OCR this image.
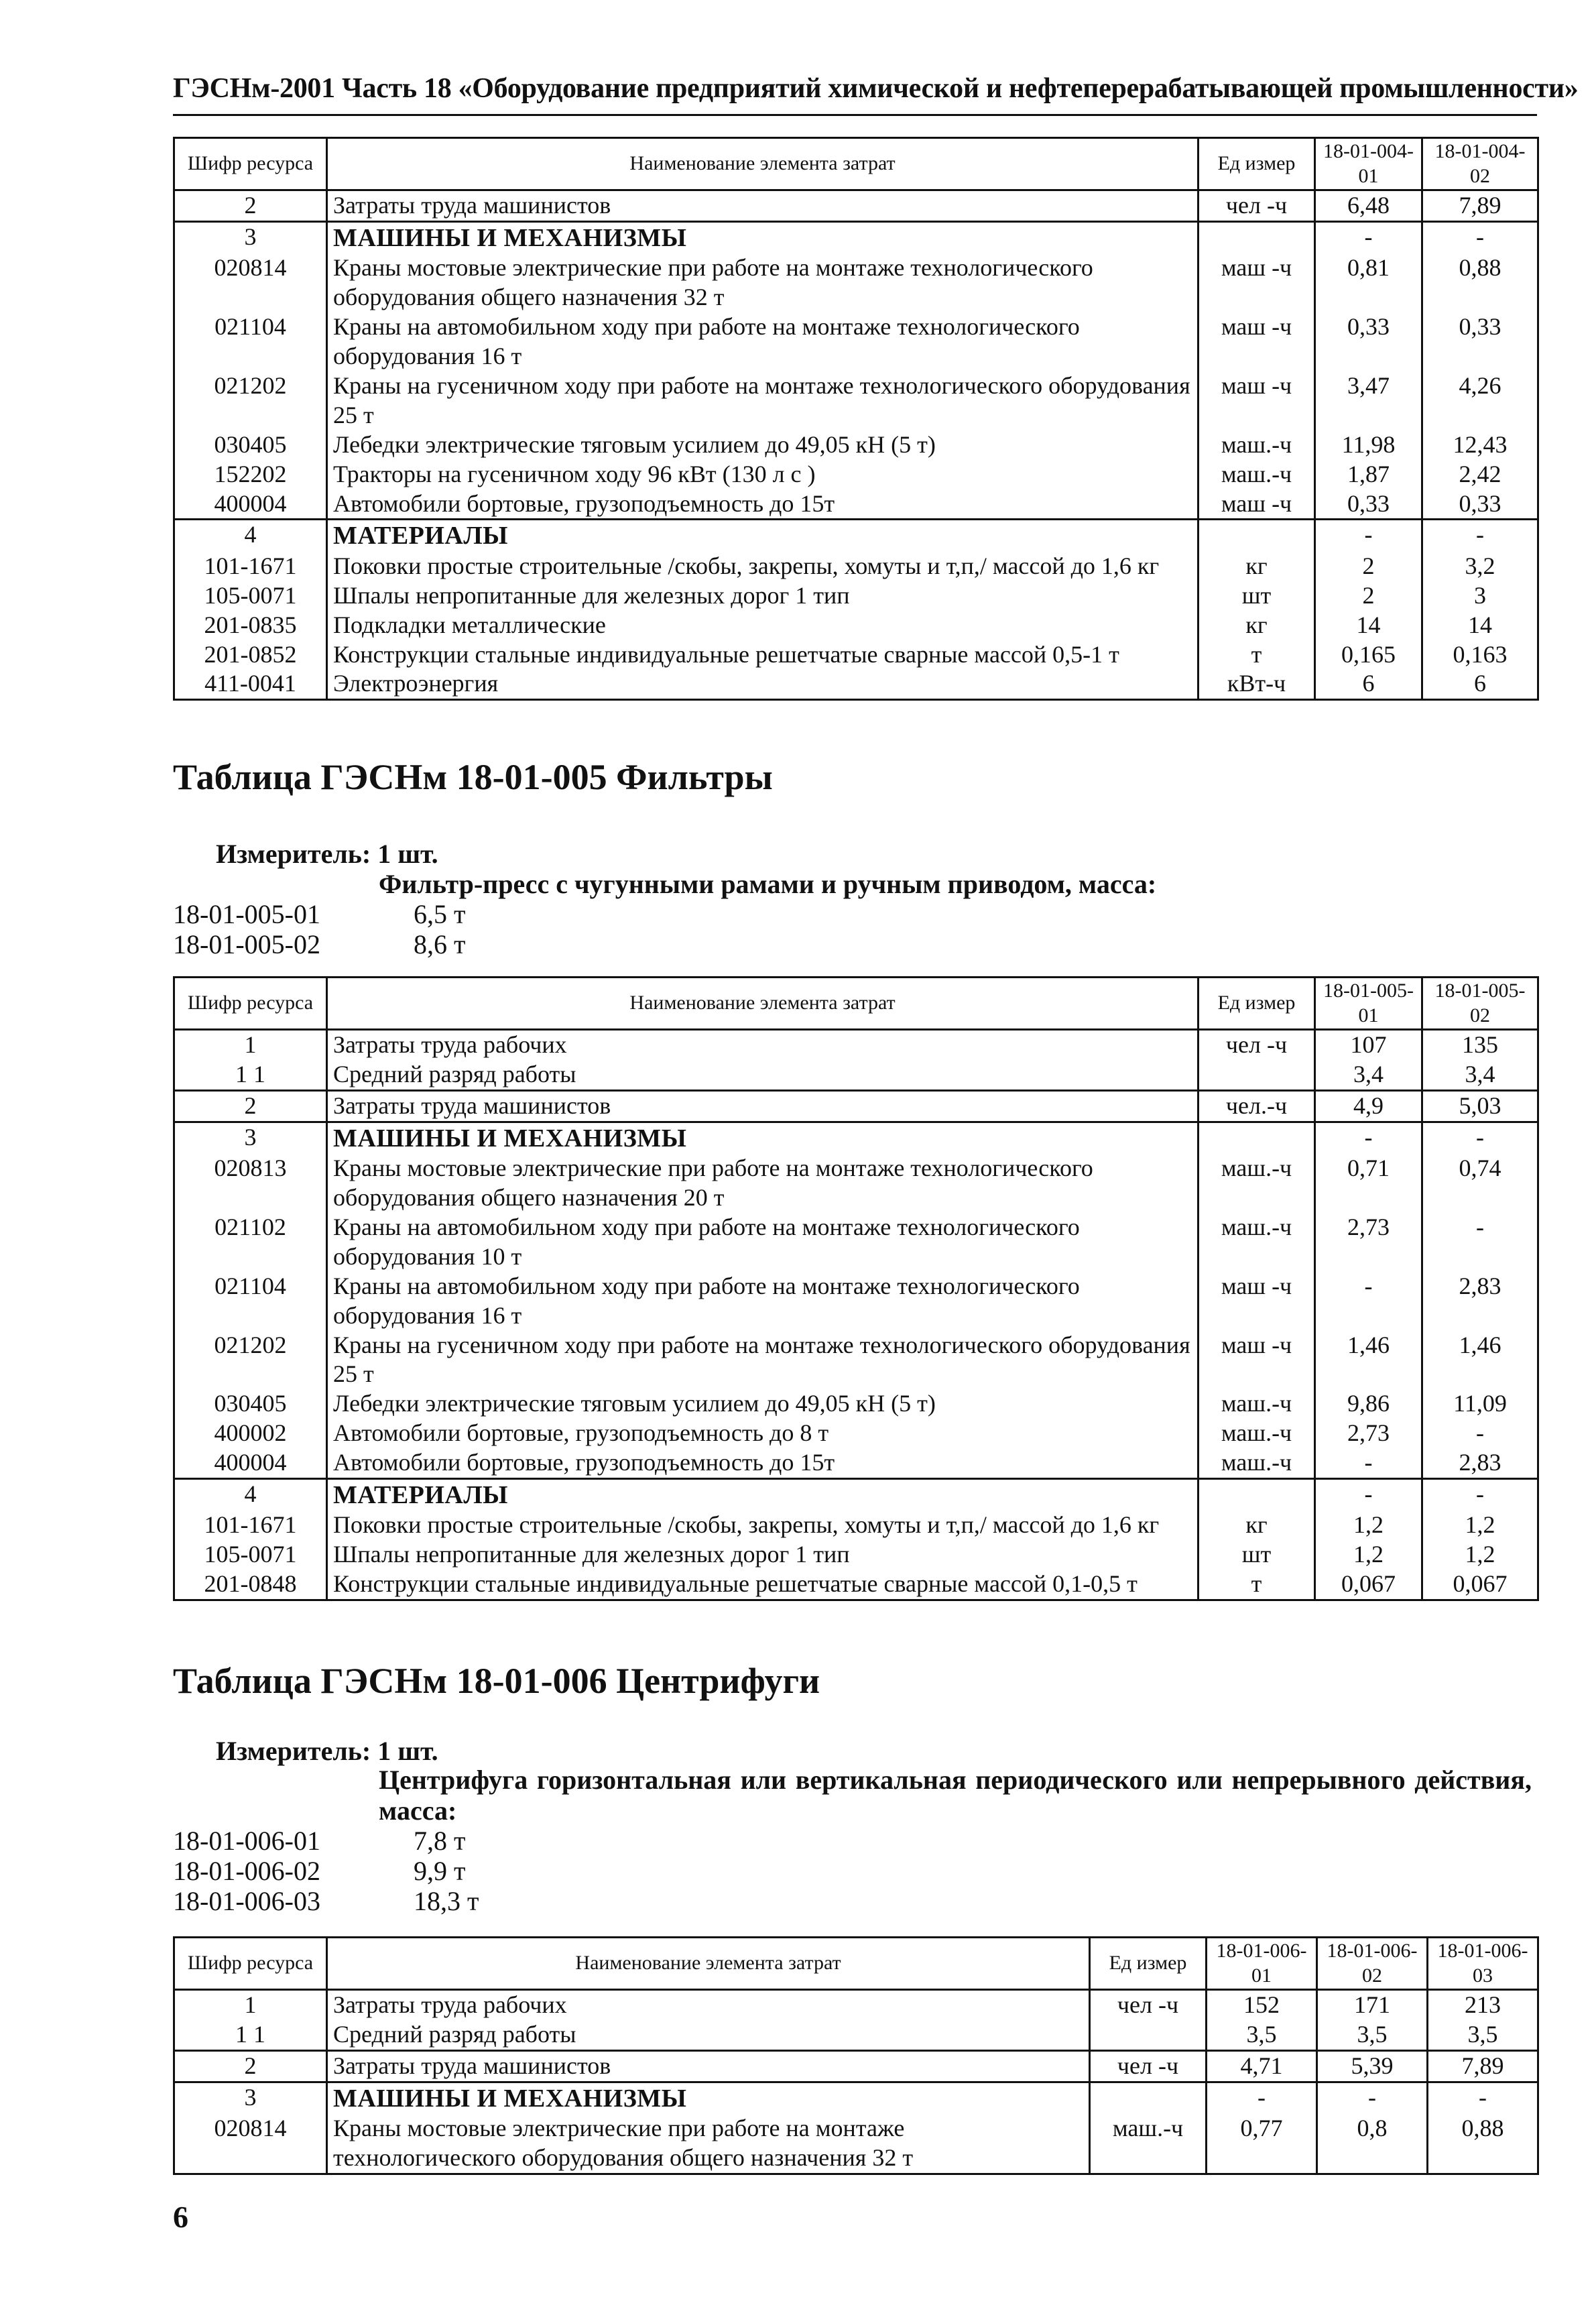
ГЭСНм-2001 Часть 18 «Оборудование предприятий химической и нефтеперерабатывающей промышленности»
Шифр ресурса	Наименование элемента затрат	Ед измер	18-01-004-01	18-01-004-02
2	Затраты труда машинистов	чел -ч	6,48	7,89
3	МАШИНЫ И МЕХАНИЗМЫ		-	-
020814	Краны мостовые электрические при работе на монтаже технологического оборудования общего назначения 32 т	маш -ч	0,81	0,88
021104	Краны на автомобильном ходу при работе на монтаже технологического оборудования 16 т	маш -ч	0,33	0,33
021202	Краны на гусеничном ходу при работе на монтаже технологического оборудования 25 т	маш -ч	3,47	4,26
030405	Лебедки электрические тяговым усилием до 49,05 кН (5 т)	маш.-ч	11,98	12,43
152202	Тракторы на гусеничном ходу 96 кВт (130 л с )	маш.-ч	1,87	2,42
400004	Автомобили бортовые, грузоподъемность до 15т	маш -ч	0,33	0,33
4	МАТЕРИАЛЫ		-	-
101-1671	Поковки простые строительные /скобы, закрепы, хомуты и т,п,/ массой до 1,6 кг	кг	2	3,2
105-0071	Шпалы непропитанные для железных дорог 1 тип	шт	2	3
201-0835	Подкладки металлические	кг	14	14
201-0852	Конструкции стальные индивидуальные решетчатые сварные массой 0,5-1 т	т	0,165	0,163
411-0041	Электроэнергия	кВт-ч	6	6
Таблица ГЭСНм 18-01-005 Фильтры
Измеритель: 1 шт.
Фильтр-пресс с чугунными рамами и ручным приводом, масса:
18-01-005-01	6,5 т
18-01-005-02	8,6 т
Шифр ресурса	Наименование элемента затрат	Ед измер	18-01-005-01	18-01-005-02
1	Затраты труда рабочих	чел -ч	107	135
1 1	Средний разряд работы		3,4	3,4
2	Затраты труда машинистов	чел.-ч	4,9	5,03
3	МАШИНЫ И МЕХАНИЗМЫ		-	-
020813	Краны мостовые электрические при работе на монтаже технологического оборудования общего назначения 20 т	маш.-ч	0,71	0,74
021102	Краны на автомобильном ходу при работе на монтаже технологического оборудования 10 т	маш.-ч	2,73	-
021104	Краны на автомобильном ходу при работе на монтаже технологического оборудования 16 т	маш -ч	-	2,83
021202	Краны на гусеничном ходу при работе на монтаже технологического оборудования 25 т	маш -ч	1,46	1,46
030405	Лебедки электрические тяговым усилием до 49,05 кН (5 т)	маш.-ч	9,86	11,09
400002	Автомобили бортовые, грузоподъемность до 8 т	маш.-ч	2,73	-
400004	Автомобили бортовые, грузоподъемность до 15т	маш.-ч	-	2,83
4	МАТЕРИАЛЫ		-	-
101-1671	Поковки простые строительные /скобы, закрепы, хомуты и т,п,/ массой до 1,6 кг	кг	1,2	1,2
105-0071	Шпалы непропитанные для железных дорог 1 тип	шт	1,2	1,2
201-0848	Конструкции стальные индивидуальные решетчатые сварные массой 0,1-0,5 т	т	0,067	0,067
Таблица ГЭСНм 18-01-006 Центрифуги
Измеритель: 1 шт.
Центрифуга горизонтальная или вертикальная периодического или непрерывного действия, масса:
18-01-006-01	7,8 т
18-01-006-02	9,9 т
18-01-006-03	18,3 т
Шифр ресурса	Наименование элемента затрат	Ед измер	18-01-006-01	18-01-006-02	18-01-006-03
1	Затраты труда рабочих	чел -ч	152	171	213
1 1	Средний разряд работы		3,5	3,5	3,5
2	Затраты труда машинистов	чел -ч	4,71	5,39	7,89
3	МАШИНЫ И МЕХАНИЗМЫ		-	-	-
020814	Краны мостовые электрические при работе на монтаже технологического оборудования общего назначения 32 т	маш.-ч	0,77	0,8	0,88
6
